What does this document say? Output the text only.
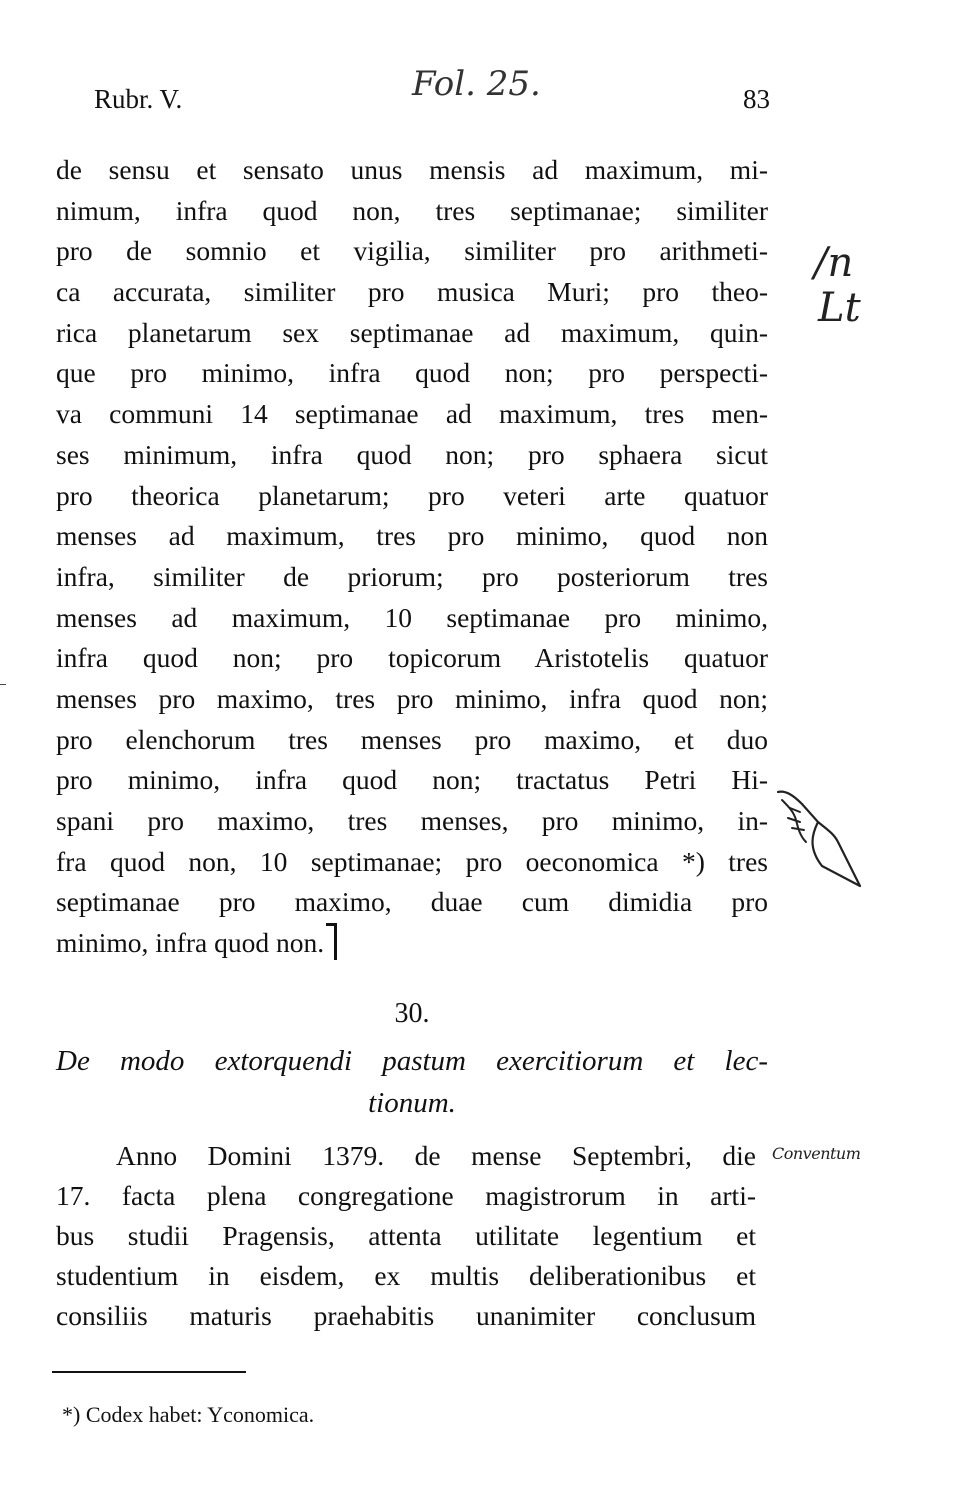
Rubr. V.	Fol. 25.	83
de sensu et sensato unus mensis ad maximum, mi-
nimum, infra quod non, tres septimanae; similiter
pro de somnio et vigilia, similiter pro arithmeti-
ca accurata, similiter pro musica Muri; pro theo-
rica planetarum sex septimanae ad maximum, quin-
que pro minimo, infra quod non; pro perspecti-
va communi 14 septimanae ad maximum, tres men-
ses minimum, infra quod non; pro sphaera sicut
pro theorica planetarum; pro veteri arte quatuor
menses ad maximum, tres pro minimo, quod non
infra, similiter de priorum; pro posteriorum tres
menses ad maximum, 10 septimanae pro minimo,
infra quod non; pro topicorum Aristotelis quatuor
menses pro maximo, tres pro minimo, infra quod non;
pro elenchorum tres menses pro maximo, et duo
pro minimo, infra quod non; tractatus Petri Hi-
spani pro maximo, tres menses, pro minimo, in-
fra quod non, 10 septimanae; pro oeconomica *) tres
septimanae pro maximo, duae cum dimidia pro
minimo, infra quod non.
30.
De modo extorquendi pastum exercitiorum et lec-
tionum.
Anno Domini 1379. de mense Septembri, die
17. facta plena congregatione magistrorum in arti-
bus studii Pragensis, attenta utilitate legentium et
studentium in eisdem, ex multis deliberationibus et
consiliis maturis praehabitis unanimiter conclusum
*) Codex habet: Yconomica.
/n
Lt
Conventum
